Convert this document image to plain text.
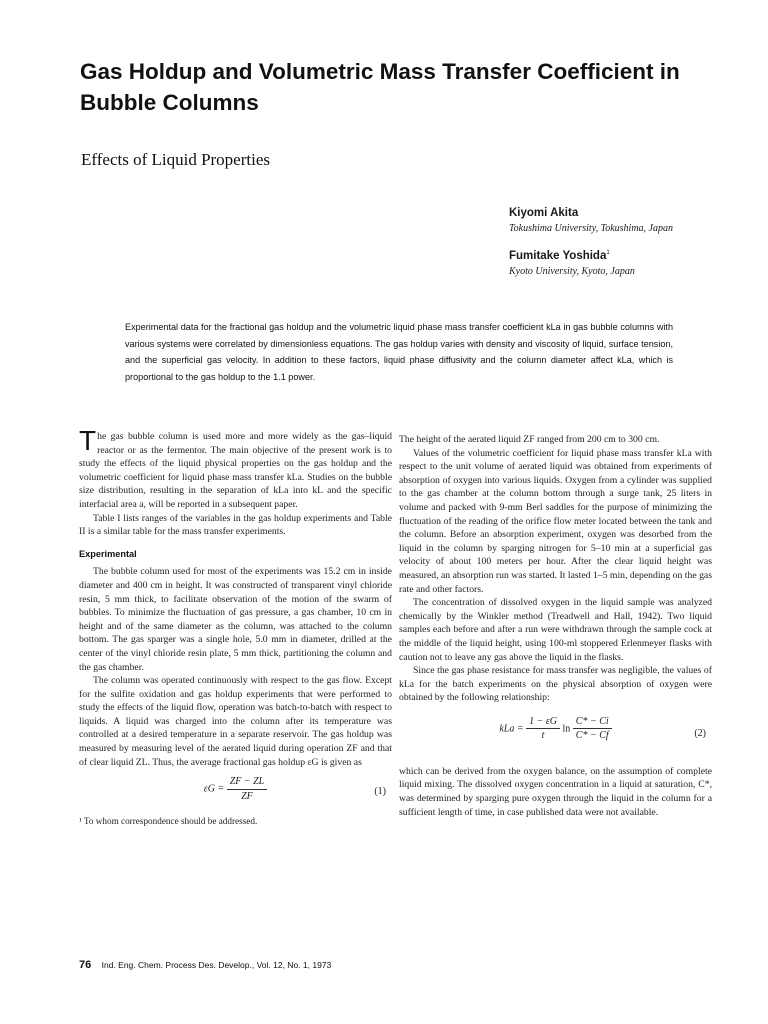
Gas Holdup and Volumetric Mass Transfer Coefficient in Bubble Columns
Effects of Liquid Properties
Kiyomi Akita
Tokushima University, Tokushima, Japan
Fumitake Yoshida$^1$
Kyoto University, Kyoto, Japan
Experimental data for the fractional gas holdup and the volumetric liquid phase mass transfer coefficient kLa in gas bubble columns with various systems were correlated by dimensionless equations. The gas holdup varies with density and viscosity of liquid, surface tension, and the superficial gas velocity. In addition to these factors, liquid phase diffusivity and the column diameter affect kLa, which is proportional to the gas holdup to the 1.1 power.

The gas bubble column is used more and more widely as the gas–liquid reactor or as the fermentor. The main objective of the present work is to study the effects of the liquid physical properties on the gas holdup and the volumetric coefficient for liquid phase mass transfer kLa. Studies on the bubble size distribution, resulting in the separation of kLa into kL and the specific interfacial area a, will be reported in a subsequent paper.

Table I lists ranges of the variables in the gas holdup experiments and Table II is a similar table for the mass transfer experiments.

Experimental

The bubble column used for most of the experiments was 15.2 cm in inside diameter and 400 cm in height. It was constructed of transparent vinyl chloride resin, 5 mm thick, to facilitate observation of the motion of the swarm of bubbles. To minimize the fluctuation of gas pressure, a gas chamber, 10 cm in height and of the same diameter as the column, was attached to the column bottom. The gas sparger was a single hole, 5.0 mm in diameter, drilled at the center of the vinyl chloride resin plate, 5 mm thick, partitioning the column and the gas chamber.

The column was operated continuously with respect to the gas flow. Except for the sulfite oxidation and gas holdup experiments that were performed to study the effects of the liquid flow, operation was batch-to-batch with respect to liquids. A liquid was charged into the column after its temperature was controlled at a desired temperature in a separate reservoir. The gas holdup was measured by measuring level of the aerated liquid during operation ZF and that of clear liquid ZL. Thus, the average fractional gas holdup εG is given as

$\varepsilon G = \frac{ZF - ZL}{ZF}$	(1)

¹ To whom correspondence should be addressed.

The height of the aerated liquid ZF ranged from 200 cm to 300 cm.

Values of the volumetric coefficient for liquid phase mass transfer kLa with respect to the unit volume of aerated liquid was obtained from experiments of absorption of oxygen into various liquids. Oxygen from a cylinder was supplied to the gas chamber at the column bottom through a surge tank, 25 liters in volume and packed with 9-mm Berl saddles for the purpose of minimizing the fluctuation of the reading of the orifice flow meter located between the tank and the column. Before an absorption experiment, oxygen was desorbed from the liquid in the column by sparging nitrogen for 5–10 min at a superficial gas velocity of about 100 meters per hour. After the clear liquid height was measured, an absorption run was started. It lasted 1–5 min, depending on the gas rate and other factors.

The concentration of dissolved oxygen in the liquid sample was analyzed chemically by the Winkler method (Treadwell and Hall, 1942). Two liquid samples each before and after a run were withdrawn through the sample cock at the middle of the liquid height, using 100-ml stoppered Erlenmeyer flasks with caution not to leave any gas above the liquid in the flasks.

Since the gas phase resistance for mass transfer was negligible, the values of kLa for the batch experiments on the physical absorption of oxygen were obtained by the following relationship:

kLa = $\frac{1 - \varepsilon G}{t}$ $\ln \frac{C* - Ci}{C* - Cf}$	(2)

which can be derived from the oxygen balance, on the assumption of complete liquid mixing. The dissolved oxygen concentration in a liquid at saturation, C*, was determined by sparging pure oxygen through the liquid in the column for a sufficient length of time, in case published data were not available.

76 Ind. Eng. Chem. Process Des. Develop., Vol. 12, No. 1, 1973
